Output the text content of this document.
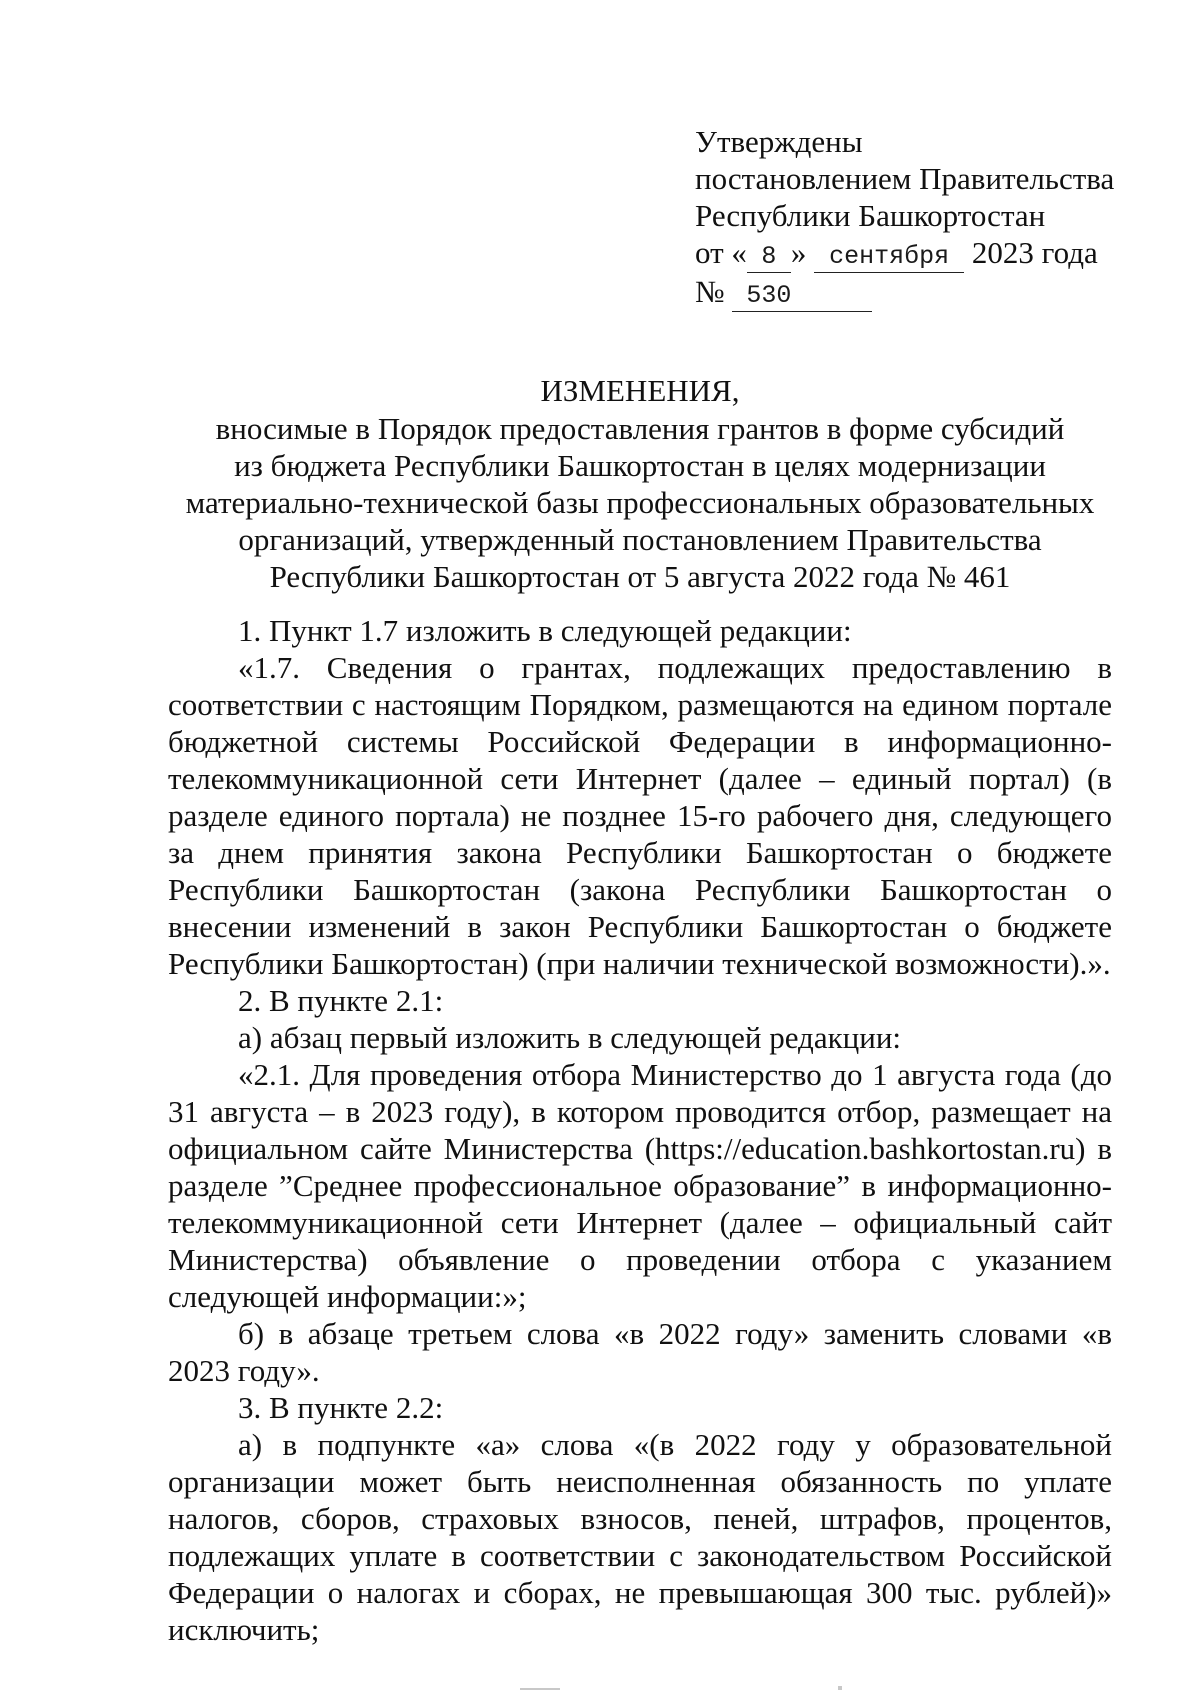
Утверждены
постановлением Правительства
Республики Башкортостан
от « 8 » сентября 2023 года
№ 530
ИЗМЕНЕНИЯ,
вносимые в Порядок предоставления грантов в форме субсидий
из бюджета Республики Башкортостан в целях модернизации
материально-технической базы профессиональных образовательных
организаций, утвержденный постановлением Правительства
Республики Башкортостан от 5 августа 2022 года № 461

1. Пункт 1.7 изложить в следующей редакции:

«1.7. Сведения о грантах, подлежащих предоставлению в соответствии с настоящим Порядком, размещаются на едином портале бюджетной системы Российской Федерации в информационно-телекоммуникационной сети Интернет (далее – единый портал) (в разделе единого портала) не позднее 15-го рабочего дня, следующего за днем принятия закона Республики Башкортостан о бюджете Республики Башкортостан (закона Республики Башкортостан о внесении изменений в закон Республики Башкортостан о бюджете Республики Башкортостан) (при наличии технической возможности).».

2. В пункте 2.1:

а) абзац первый изложить в следующей редакции:

«2.1. Для проведения отбора Министерство до 1 августа года (до 31 августа – в 2023 году), в котором проводится отбор, размещает на официальном сайте Министерства (https://education.bashkortostan.ru) в разделе ”Среднее профессиональное образование” в информационно-телекоммуникационной сети Интернет (далее – официальный сайт Министерства) объявление о проведении отбора с указанием следующей информации:»;

б) в абзаце третьем слова «в 2022 году» заменить словами «в 2023 году».

3. В пункте 2.2:

а) в подпункте «а» слова «(в 2022 году у образовательной организации может быть неисполненная обязанность по уплате налогов, сборов, страховых взносов, пеней, штрафов, процентов, подлежащих уплате в соответствии с законодательством Российской Федерации о налогах и сборах, не превышающая 300 тыс. рублей)» исключить;
